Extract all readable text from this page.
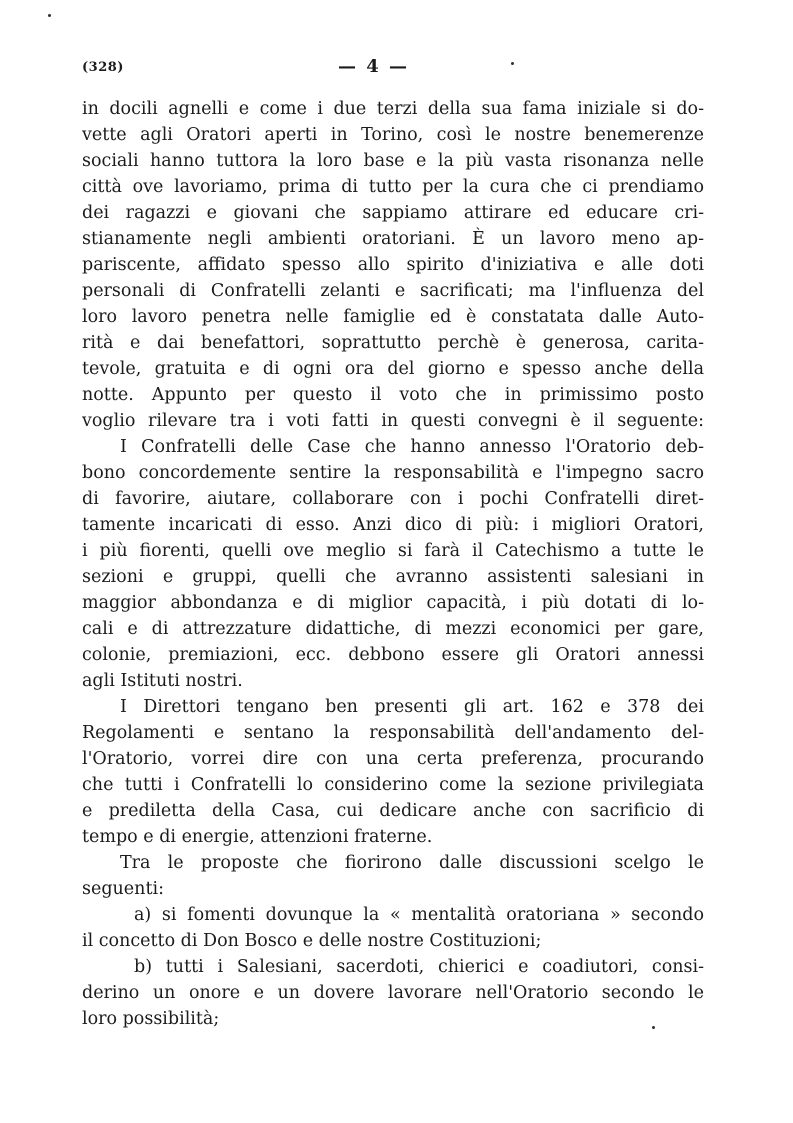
(328)	— 4 —
in docili agnelli e come i due terzi della sua fama iniziale si do-
vette agli Oratori aperti in Torino, così le nostre benemerenze
sociali hanno tuttora la loro base e la più vasta risonanza nelle
città ove lavoriamo, prima di tutto per la cura che ci prendiamo
dei ragazzi e giovani che sappiamo attirare ed educare cri-
stianamente negli ambienti oratoriani. È un lavoro meno ap-
pariscente, affidato spesso allo spirito d'iniziativa e alle doti
personali di Confratelli zelanti e sacrificati; ma l'influenza del
loro lavoro penetra nelle famiglie ed è constatata dalle Auto-
rità e dai benefattori, soprattutto perchè è generosa, carita-
tevole, gratuita e di ogni ora del giorno e spesso anche della
notte. Appunto per questo il voto che in primissimo posto
voglio rilevare tra i voti fatti in questi convegni è il seguente:
I Confratelli delle Case che hanno annesso l'Oratorio deb-
bono concordemente sentire la responsabilità e l'impegno sacro
di favorire, aiutare, collaborare con i pochi Confratelli diret-
tamente incaricati di esso. Anzi dico di più: i migliori Oratori,
i più fiorenti, quelli ove meglio si farà il Catechismo a tutte le
sezioni e gruppi, quelli che avranno assistenti salesiani in
maggior abbondanza e di miglior capacità, i più dotati di lo-
cali e di attrezzature didattiche, di mezzi economici per gare,
colonie, premiazioni, ecc. debbono essere gli Oratori annessi
agli Istituti nostri.
I Direttori tengano ben presenti gli art. 162 e 378 dei
Regolamenti e sentano la responsabilità dell'andamento del-
l'Oratorio, vorrei dire con una certa preferenza, procurando
che tutti i Confratelli lo considerino come la sezione privilegiata
e prediletta della Casa, cui dedicare anche con sacrificio di
tempo e di energie, attenzioni fraterne.
Tra le proposte che fiorirono dalle discussioni scelgo le
seguenti:
a) si fomenti dovunque la « mentalità oratoriana » secondo
il concetto di Don Bosco e delle nostre Costituzioni;
b) tutti i Salesiani, sacerdoti, chierici e coadiutori, consi-
derino un onore e un dovere lavorare nell'Oratorio secondo le
loro possibilità;
